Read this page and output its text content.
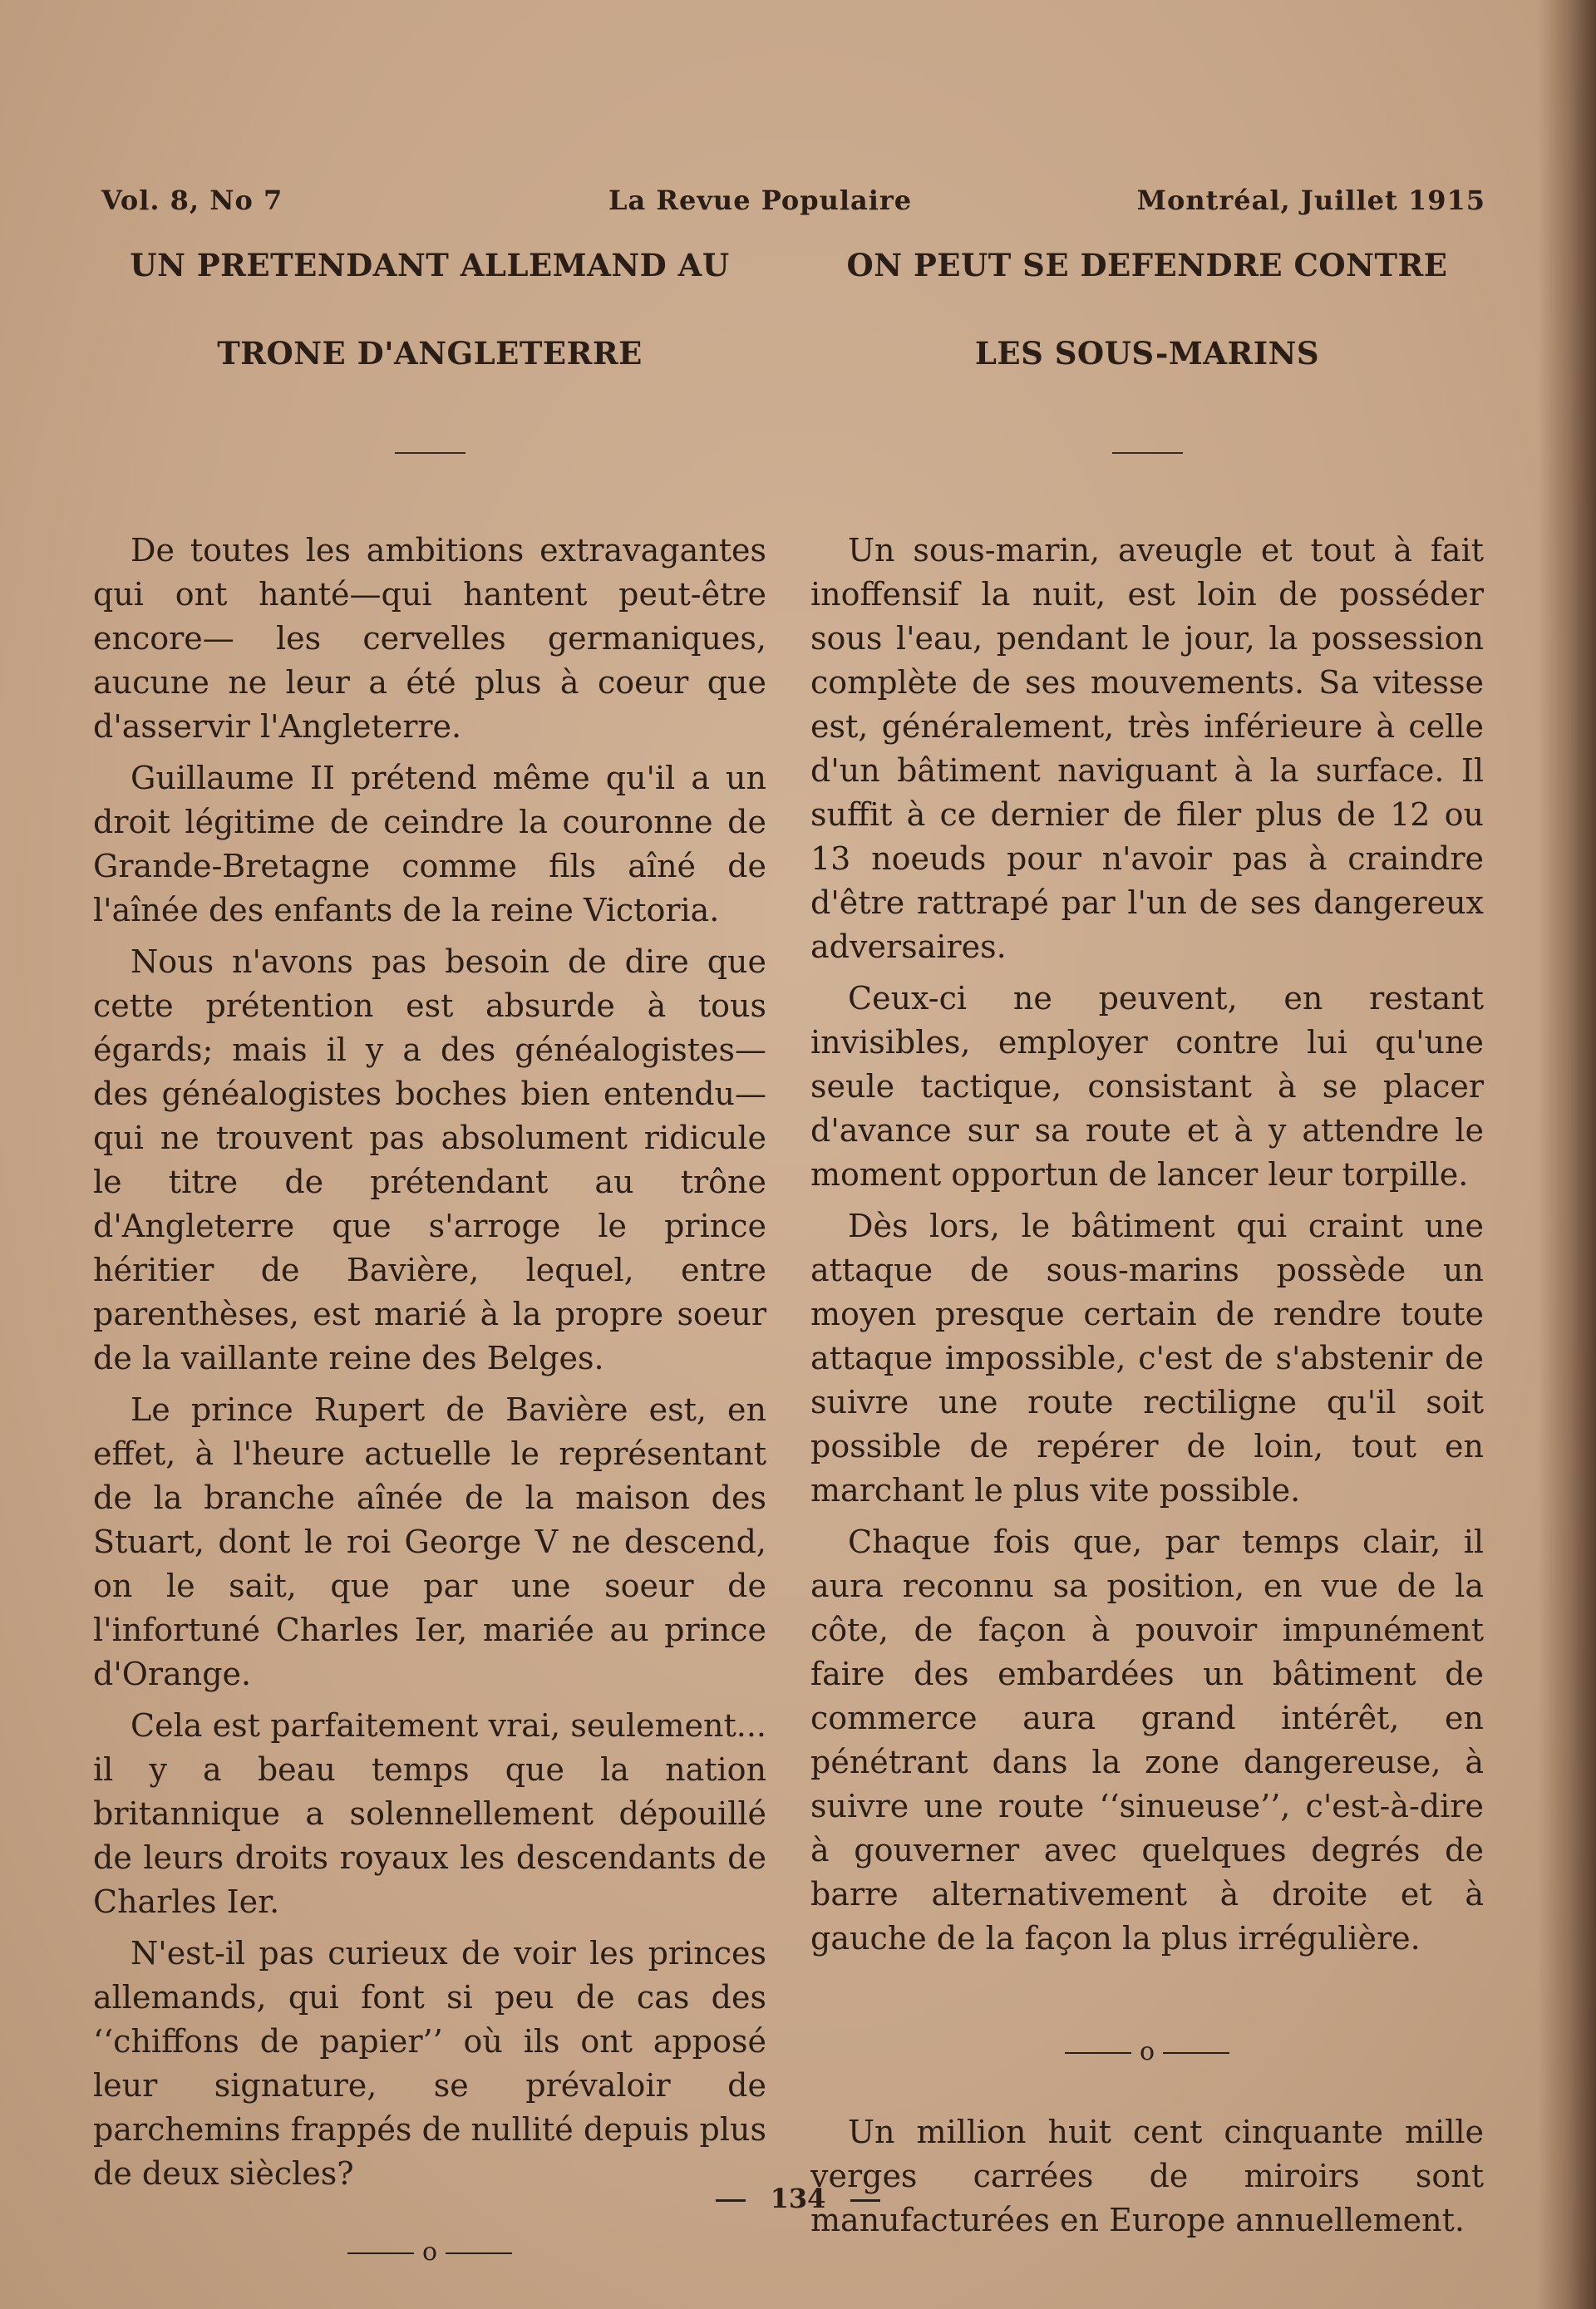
Vol. 8, No 7	La Revue Populaire	Montréal, Juillet 1915
UN PRETENDANT ALLEMAND AU
TRONE D'ANGLETERRE

De toutes les ambitions extravagantes qui ont hanté—qui hantent peut-être encore— les cervelles germaniques, aucune ne leur a été plus à coeur que d'asservir l'Angleterre.

Guillaume II prétend même qu'il a un droit légitime de ceindre la couronne de Grande-Bretagne comme fils aîné de l'aînée des enfants de la reine Victoria.

Nous n'avons pas besoin de dire que cette prétention est absurde à tous égards; mais il y a des généalogistes—des généalogistes boches bien entendu—qui ne trouvent pas absolument ridicule le titre de prétendant au trône d'Angleterre que s'arroge le prince héritier de Bavière, lequel, entre parenthèses, est marié à la propre soeur de la vaillante reine des Belges.

Le prince Rupert de Bavière est, en effet, à l'heure actuelle le représentant de la branche aînée de la maison des Stuart, dont le roi George V ne descend, on le sait, que par une soeur de l'infortuné Charles Ier, mariée au prince d'Orange.

Cela est parfaitement vrai, seulement... il y a beau temps que la nation britannique a solennellement dépouillé de leurs droits royaux les descendants de Charles Ier.

N'est-il pas curieux de voir les princes allemands, qui font si peu de cas des ‘‘chiffons de papier’’ où ils ont apposé leur signature, se prévaloir de parchemins frappés de nullité depuis plus de deux siècles?

o
ON PEUT SE DEFENDRE CONTRE
LES SOUS-MARINS

Un sous-marin, aveugle et tout à fait inoffensif la nuit, est loin de posséder sous l'eau, pendant le jour, la possession complète de ses mouvements. Sa vitesse est, généralement, très inférieure à celle d'un bâtiment naviguant à la surface. Il suffit à ce dernier de filer plus de 12 ou 13 noeuds pour n'avoir pas à craindre d'être rattrapé par l'un de ses dangereux adversaires.

Ceux-ci ne peuvent, en restant invisibles, employer contre lui qu'une seule tactique, consistant à se placer d'avance sur sa route et à y attendre le moment opportun de lancer leur torpille.

Dès lors, le bâtiment qui craint une attaque de sous-marins possède un moyen presque certain de rendre toute attaque impossible, c'est de s'abstenir de suivre une route rectiligne qu'il soit possible de repérer de loin, tout en marchant le plus vite possible.

Chaque fois que, par temps clair, il aura reconnu sa position, en vue de la côte, de façon à pouvoir impunément faire des embardées un bâtiment de commerce aura grand intérêt, en pénétrant dans la zone dangereuse, à suivre une route ‘‘sinueuse’’, c'est-à-dire à gouverner avec quelques degrés de barre alternativement à droite et à gauche de la façon la plus irrégulière.

o

Un million huit cent cinquante mille verges carrées de miroirs sont manufacturées en Europe annuellement.

134
